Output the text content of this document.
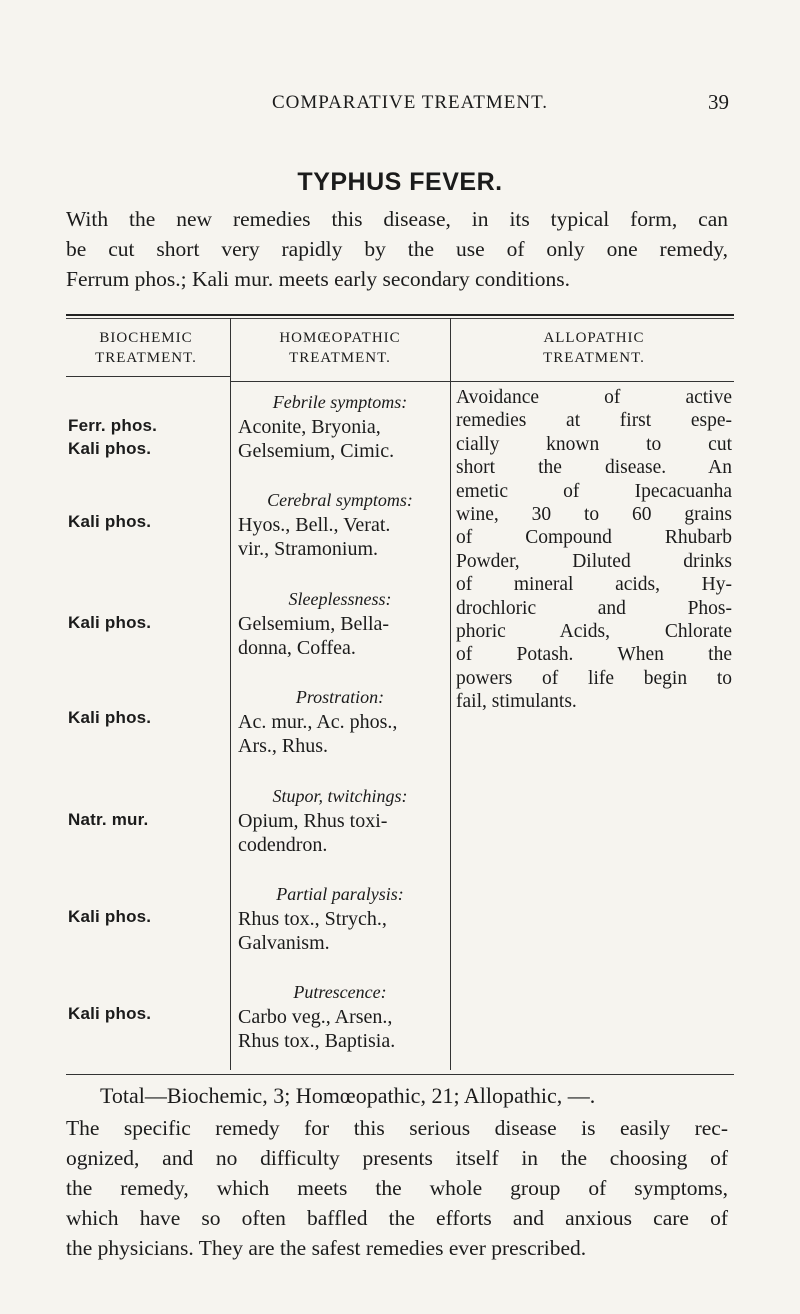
COMPARATIVE TREATMENT.	39
TYPHUS FEVER.
With the new remedies this disease, in its typical form, can
be cut short very rapidly by the use of only one remedy,
Ferrum phos.; Kali mur. meets early secondary conditions.
BIOCHEMIC
TREATMENT.
HOMŒOPATHIC
TREATMENT.
ALLOPATHIC
TREATMENT.
Ferr. phos.
Kali phos.
Kali phos.
Kali phos.
Kali phos.
Natr. mur.
Kali phos.
Kali phos.
Febrile symptoms:
Aconite, Bryonia,
Gelsemium, Cimic.
Cerebral symptoms:
Hyos., Bell., Verat.
vir., Stramonium.
Sleeplessness:
Gelsemium, Bella-
donna, Coffea.
Prostration:
Ac. mur., Ac. phos.,
Ars., Rhus.
Stupor, twitchings:
Opium, Rhus toxi-
codendron.
Partial paralysis:
Rhus tox., Strych.,
Galvanism.
Putrescence:
Carbo veg., Arsen.,
Rhus tox., Baptisia.
Avoidance of active
remedies at first espe-
cially known to cut
short the disease. An
emetic of Ipecacuanha
wine, 30 to 60 grains
of Compound Rhubarb
Powder, Diluted drinks
of mineral acids, Hy-
drochloric and Phos-
phoric Acids, Chlorate
of Potash. When the
powers of life begin to
fail, stimulants.
Total—Biochemic, 3; Homœopathic, 21; Allopathic, —.
The specific remedy for this serious disease is easily rec-
ognized, and no difficulty presents itself in the choosing of
the remedy, which meets the whole group of symptoms,
which have so often baffled the efforts and anxious care of
the physicians. They are the safest remedies ever prescribed.
